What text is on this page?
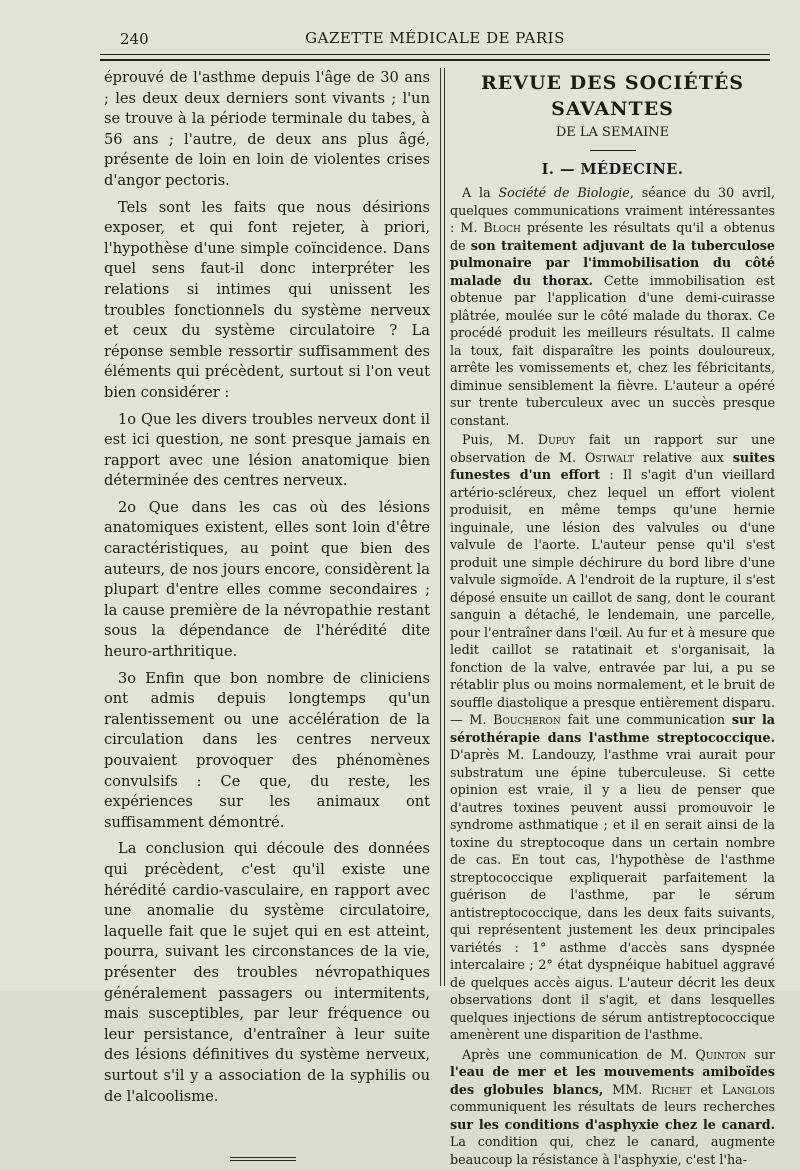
240	GAZETTE MÉDICALE DE PARIS

éprouvé de l'asthme depuis l'âge de 30 ans ; les deux deux derniers sont vivants ; l'un se trouve à la période terminale du tabes, à 56 ans ; l'autre, de deux ans plus âgé, présente de loin en loin de violentes crises d'angor pectoris.

Tels sont les faits que nous désirions exposer, et qui font rejeter, à priori, l'hypothèse d'une simple coïncidence. Dans quel sens faut-il donc interpréter les relations si intimes qui unissent les troubles fonctionnels du système nerveux et ceux du système circulatoire ? La réponse semble ressortir suffisamment des éléments qui précèdent, surtout si l'on veut bien considérer :

1o Que les divers troubles nerveux dont il est ici question, ne sont presque jamais en rapport avec une lésion anatomique bien déterminée des centres nerveux.

2o Que dans les cas où des lésions anatomiques existent, elles sont loin d'être caractéristiques, au point que bien des auteurs, de nos jours encore, considèrent la plupart d'entre elles comme secondaires ; la cause première de la névropathie restant sous la dépendance de l'hérédité dite heuro-arthritique.

3o Enfin que bon nombre de cliniciens ont admis depuis longtemps qu'un ralentissement ou une accélération de la circulation dans les centres nerveux pouvaient provoquer des phénomènes convulsifs : Ce que, du reste, les expériences sur les animaux ont suffisamment démontré.

La conclusion qui découle des données qui précèdent, c'est qu'il existe une hérédité cardio-vasculaire, en rapport avec une anomalie du système circulatoire, laquelle fait que le sujet qui en est atteint, pourra, suivant les circonstances de la vie, présenter des troubles névropathiques généralement passagers ou intermitents, mais susceptibles, par leur fréquence ou leur persistance, d'entraîner à leur suite des lésions définitives du système nerveux, surtout s'il y a association de la syphilis ou de l'alcoolisme.

REVUE DES SOCIÉTÉS SAVANTES
DE LA SEMAINE
I. — MÉDECINE.

A la Société de Biologie, séance du 30 avril, quelques communications vraiment intéressantes : M. Bloch présente les résultats qu'il a obtenus de son traitement adjuvant de la tuberculose pulmonaire par l'immobilisation du côté malade du thorax. Cette immobilisation est obtenue par l'application d'une demi-cuirasse plâtrée, moulée sur le côté malade du thorax. Ce procédé produit les meilleurs résultats. Il calme la toux, fait disparaître les points douloureux, arrête les vomissements et, chez les fébricitants, diminue sensiblement la fièvre. L'auteur a opéré sur trente tuberculeux avec un succès presque constant.

Puis, M. Dupuy fait un rapport sur une observation de M. Ostwalt relative aux suites funestes d'un effort : Il s'agit d'un vieillard artério-scléreux, chez lequel un effort violent produisit, en même temps qu'une hernie inguinale, une lésion des valvules ou d'une valvule de l'aorte. L'auteur pense qu'il s'est produit une simple déchirure du bord libre d'une valvule sigmoïde. A l'endroit de la rupture, il s'est déposé ensuite un caillot de sang, dont le courant sanguin a détaché, le lendemain, une parcelle, pour l'entraîner dans l'œil. Au fur et à mesure que ledit caillot se ratatinait et s'organisait, la fonction de la valve, entravée par lui, a pu se rétablir plus ou moins normalement, et le bruit de souffle diastolique a presque entièrement disparu. — M. Boucheron fait une communication sur la sérothérapie dans l'asthme streptococcique. D'après M. Landouzy, l'asthme vrai aurait pour substratum une épine tuberculeuse. Si cette opinion est vraie, il y a lieu de penser que d'autres toxines peuvent aussi promouvoir le syndrome asthmatique ; et il en serait ainsi de la toxine du streptocoque dans un certain nombre de cas. En tout cas, l'hypothèse de l'asthme streptococcique expliquerait parfaitement la guérison de l'asthme, par le sérum antistreptococcique, dans les deux faits suivants, qui représentent justement les deux principales variétés : 1° asthme d'accès sans dyspnée intercalaire ; 2° état dyspnéique habituel aggravé de quelques accès aigus. L'auteur décrit les deux observations dont il s'agit, et dans lesquelles quelques injections de sérum antistreptococcique amenèrent une disparition de l'asthme.

Après une communication de M. Quinton sur l'eau de mer et les mouvements amiboïdes des globules blancs, MM. Richet et Langlois communiquent les résultats de leurs recherches sur les conditions d'asphyxie chez le canard. La condition qui, chez le canard, augmente beaucoup la résistance à l'asphyxie, c'est l'ha-
